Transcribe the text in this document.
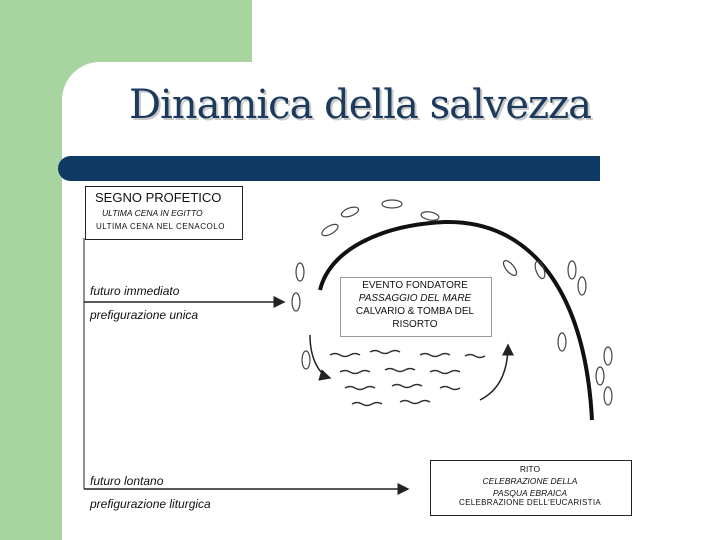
Dinamica della salvezza
SEGNO PROFETICO
ULTIMA CENA IN EGITTO
ULTIMA CENA NEL CENACOLO
futuro immediato
prefigurazione unica
futuro lontano
prefigurazione liturgica
EVENTO FONDATORE
PASSAGGIO DEL MARE
CALVARIO & TOMBA DEL
RISORTO
RITO
CELEBRAZIONE DELLA
PASQUA EBRAICA
CELEBRAZIONE DELL'EUCARISTIA
